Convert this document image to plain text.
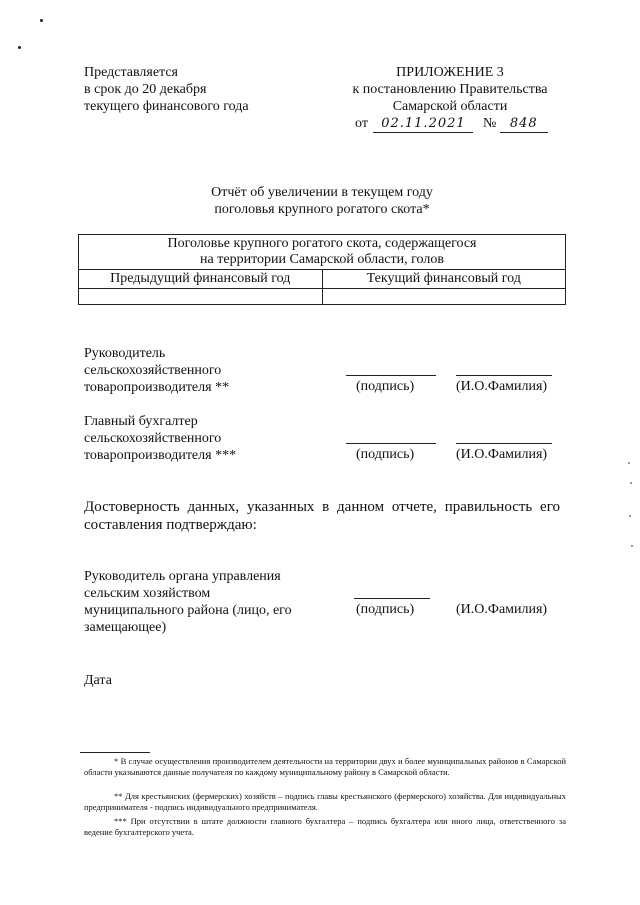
Представляется
в срок до 20 декабря
текущего финансового года
ПРИЛОЖЕНИЕ 3
к постановлению Правительства
Самарской области
от 02.11.2021 № 848
Отчёт об увеличении в текущем году
поголовья крупного рогатого скота*
Поголовье крупного рогатого скота, содержащегося
на территории Самарской области, голов	

Предыдущий финансовый год	Текущий финансовый год

Руководитель
сельскохозяйственного
товаропроизводителя **	(подпись)	(И.О.Фамилия)
Главный бухгалтер
сельскохозяйственного
товаропроизводителя ***	(подпись)	(И.О.Фамилия)
Достоверность данных, указанных в данном отчете, правильность его составления подтверждаю:
Руководитель органа управления
сельским хозяйством
муниципального района (лицо, его
замещающее)
(подпись)	(И.О.Фамилия)
Дата
* В случае осуществления производителем деятельности на территории двух и более муниципальных районов в Самарской области указываются данные получателя по каждому муниципальному району в Самарской области.
** Для крестьянских (фермерских) хозяйств – подпись главы крестьянского (фермерского) хозяйства. Для индивидуальных предпринимателя - подпись индивидуального предпринимателя.
*** При отсутствии в штате должности главного бухгалтера – подпись бухгалтера или иного лица, ответственного за ведение бухгалтерского учета.
